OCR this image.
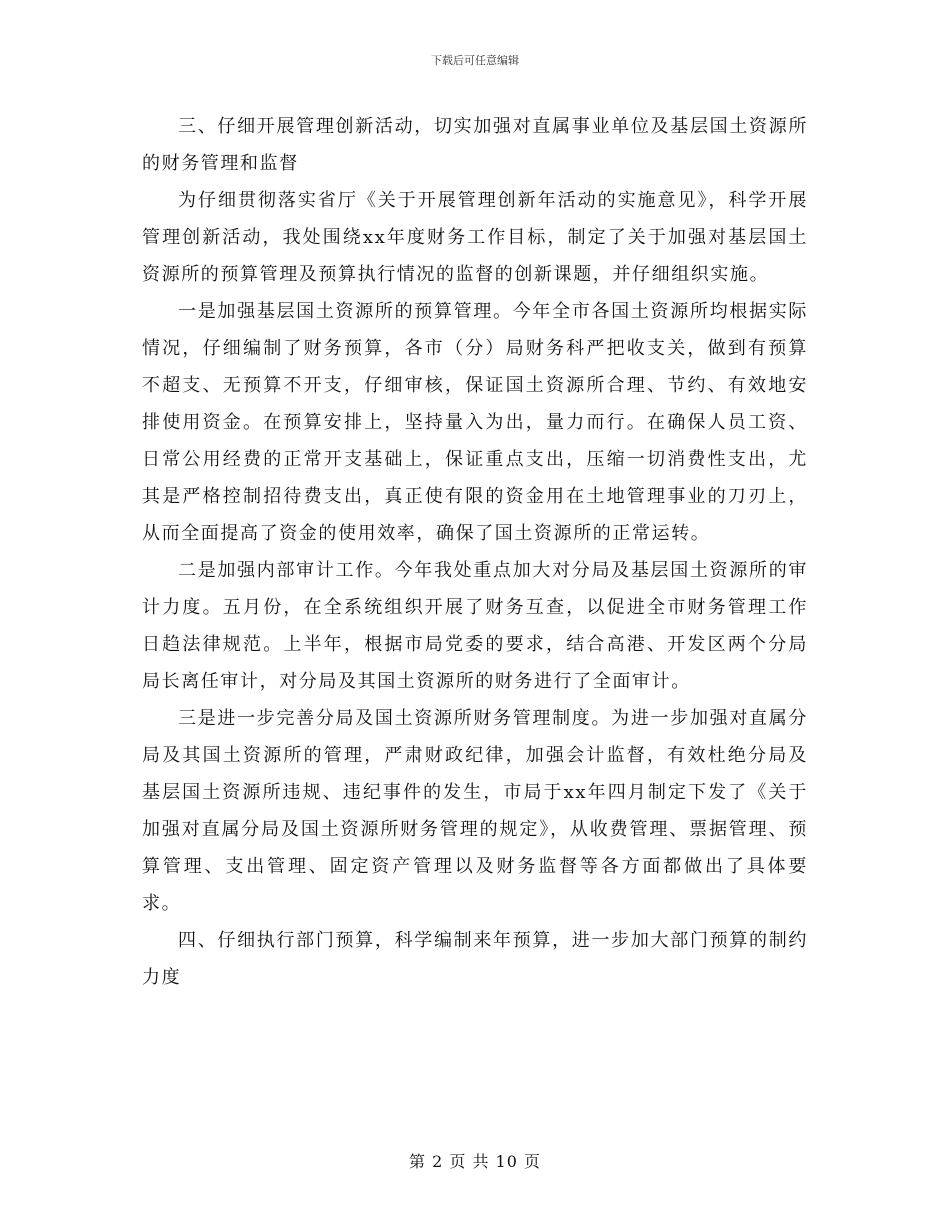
下载后可任意编辑

三、仔细开展管理创新活动，切实加强对直属事业单位及基层国土资源所的财务管理和监督

为仔细贯彻落实省厅《关于开展管理创新年活动的实施意见》，科学开展管理创新活动，我处围绕xx年度财务工作目标，制定了关于加强对基层国土资源所的预算管理及预算执行情况的监督的创新课题，并仔细组织实施。

一是加强基层国土资源所的预算管理。今年全市各国土资源所均根据实际情况，仔细编制了财务预算，各市（分）局财务科严把收支关，做到有预算不超支、无预算不开支，仔细审核，保证国土资源所合理、节约、有效地安排使用资金。在预算安排上，坚持量入为出，量力而行。在确保人员工资、日常公用经费的正常开支基础上，保证重点支出，压缩一切消费性支出，尤其是严格控制招待费支出，真正使有限的资金用在土地管理事业的刀刃上，从而全面提高了资金的使用效率，确保了国土资源所的正常运转。

二是加强内部审计工作。今年我处重点加大对分局及基层国土资源所的审计力度。五月份，在全系统组织开展了财务互查，以促进全市财务管理工作日趋法律规范。上半年，根据市局党委的要求，结合高港、开发区两个分局局长离任审计，对分局及其国土资源所的财务进行了全面审计。

三是进一步完善分局及国土资源所财务管理制度。为进一步加强对直属分局及其国土资源所的管理，严肃财政纪律，加强会计监督，有效杜绝分局及基层国土资源所违规、违纪事件的发生，市局于xx年四月制定下发了《关于加强对直属分局及国土资源所财务管理的规定》，从收费管理、票据管理、预算管理、支出管理、固定资产管理以及财务监督等各方面都做出了具体要求。

四、仔细执行部门预算，科学编制来年预算，进一步加大部门预算的制约力度

第 2 页 共 10 页
